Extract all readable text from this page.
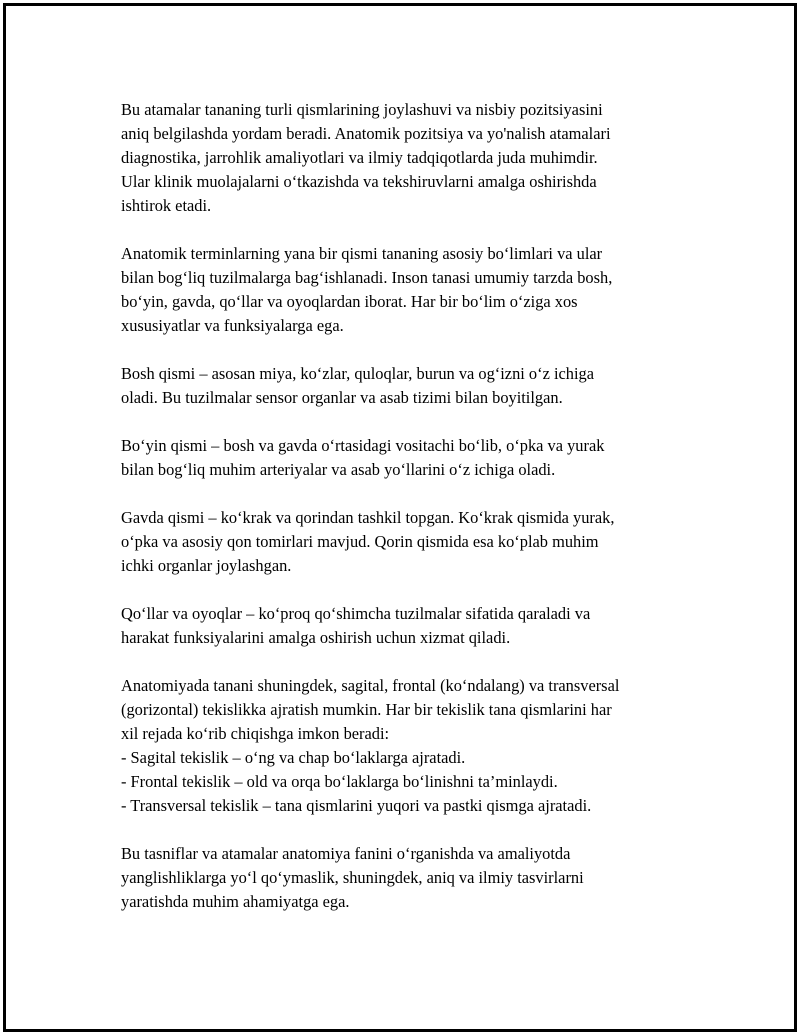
Bu atamalar tananing turli qismlarining joylashuvi va nisbiy pozitsiyasini
aniq belgilashda yordam beradi. Anatomik pozitsiya va yo'nalish atamalari
diagnostika, jarrohlik amaliyotlari va ilmiy tadqiqotlarda juda muhimdir.
Ular klinik muolajalarni o‘tkazishda va tekshiruvlarni amalga oshirishda
ishtirok etadi.

Anatomik terminlarning yana bir qismi tananing asosiy bo‘limlari va ular
bilan bog‘liq tuzilmalarga bag‘ishlanadi. Inson tanasi umumiy tarzda bosh,
bo‘yin, gavda, qo‘llar va oyoqlardan iborat. Har bir bo‘lim o‘ziga xos
xususiyatlar va funksiyalarga ega.

Bosh qismi – asosan miya, ko‘zlar, quloqlar, burun va og‘izni o‘z ichiga
oladi. Bu tuzilmalar sensor organlar va asab tizimi bilan boyitilgan.

Bo‘yin qismi – bosh va gavda o‘rtasidagi vositachi bo‘lib, o‘pka va yurak
bilan bog‘liq muhim arteriyalar va asab yo‘llarini o‘z ichiga oladi.

Gavda qismi – ko‘krak va qorindan tashkil topgan. Ko‘krak qismida yurak,
o‘pka va asosiy qon tomirlari mavjud. Qorin qismida esa ko‘plab muhim
ichki organlar joylashgan.

Qo‘llar va oyoqlar – ko‘proq qo‘shimcha tuzilmalar sifatida qaraladi va
harakat funksiyalarini amalga oshirish uchun xizmat qiladi.

Anatomiyada tanani shuningdek, sagital, frontal (ko‘ndalang) va transversal
(gorizontal) tekislikka ajratish mumkin. Har bir tekislik tana qismlarini har
xil rejada ko‘rib chiqishga imkon beradi:
- Sagital tekislik – o‘ng va chap bo‘laklarga ajratadi.
- Frontal tekislik – old va orqa bo‘laklarga bo‘linishni ta’minlaydi.
- Transversal tekislik – tana qismlarini yuqori va pastki qismga ajratadi.

Bu tasniflar va atamalar anatomiya fanini o‘rganishda va amaliyotda
yanglishliklarga yo‘l qo‘ymaslik, shuningdek, aniq va ilmiy tasvirlarni
yaratishda muhim ahamiyatga ega.
